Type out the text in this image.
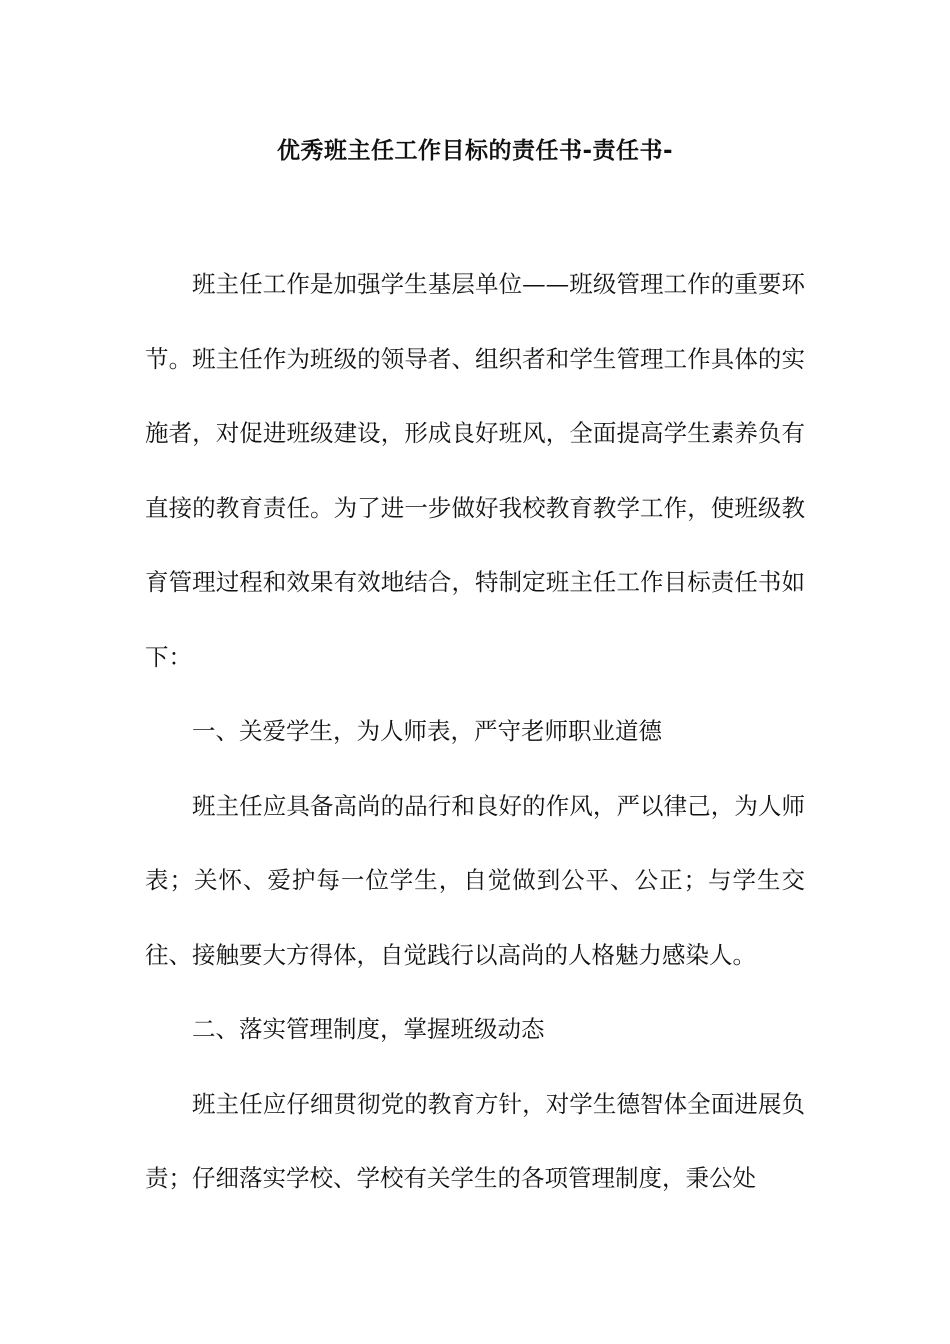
优秀班主任工作目标的责任书-责任书-

班主任工作是加强学生基层单位——班级管理工作的重要环节。班主任作为班级的领导者、组织者和学生管理工作具体的实施者，对促进班级建设，形成良好班风，全面提高学生素养负有直接的教育责任。为了进一步做好我校教育教学工作，使班级教育管理过程和效果有效地结合，特制定班主任工作目标责任书如下：

一、关爱学生，为人师表，严守老师职业道德

班主任应具备高尚的品行和良好的作风，严以律己，为人师表；关怀、爱护每一位学生，自觉做到公平、公正；与学生交往、接触要大方得体，自觉践行以高尚的人格魅力感染人。

二、落实管理制度，掌握班级动态

班主任应仔细贯彻党的教育方针，对学生德智体全面进展负责；仔细落实学校、学校有关学生的各项管理制度，秉公处
